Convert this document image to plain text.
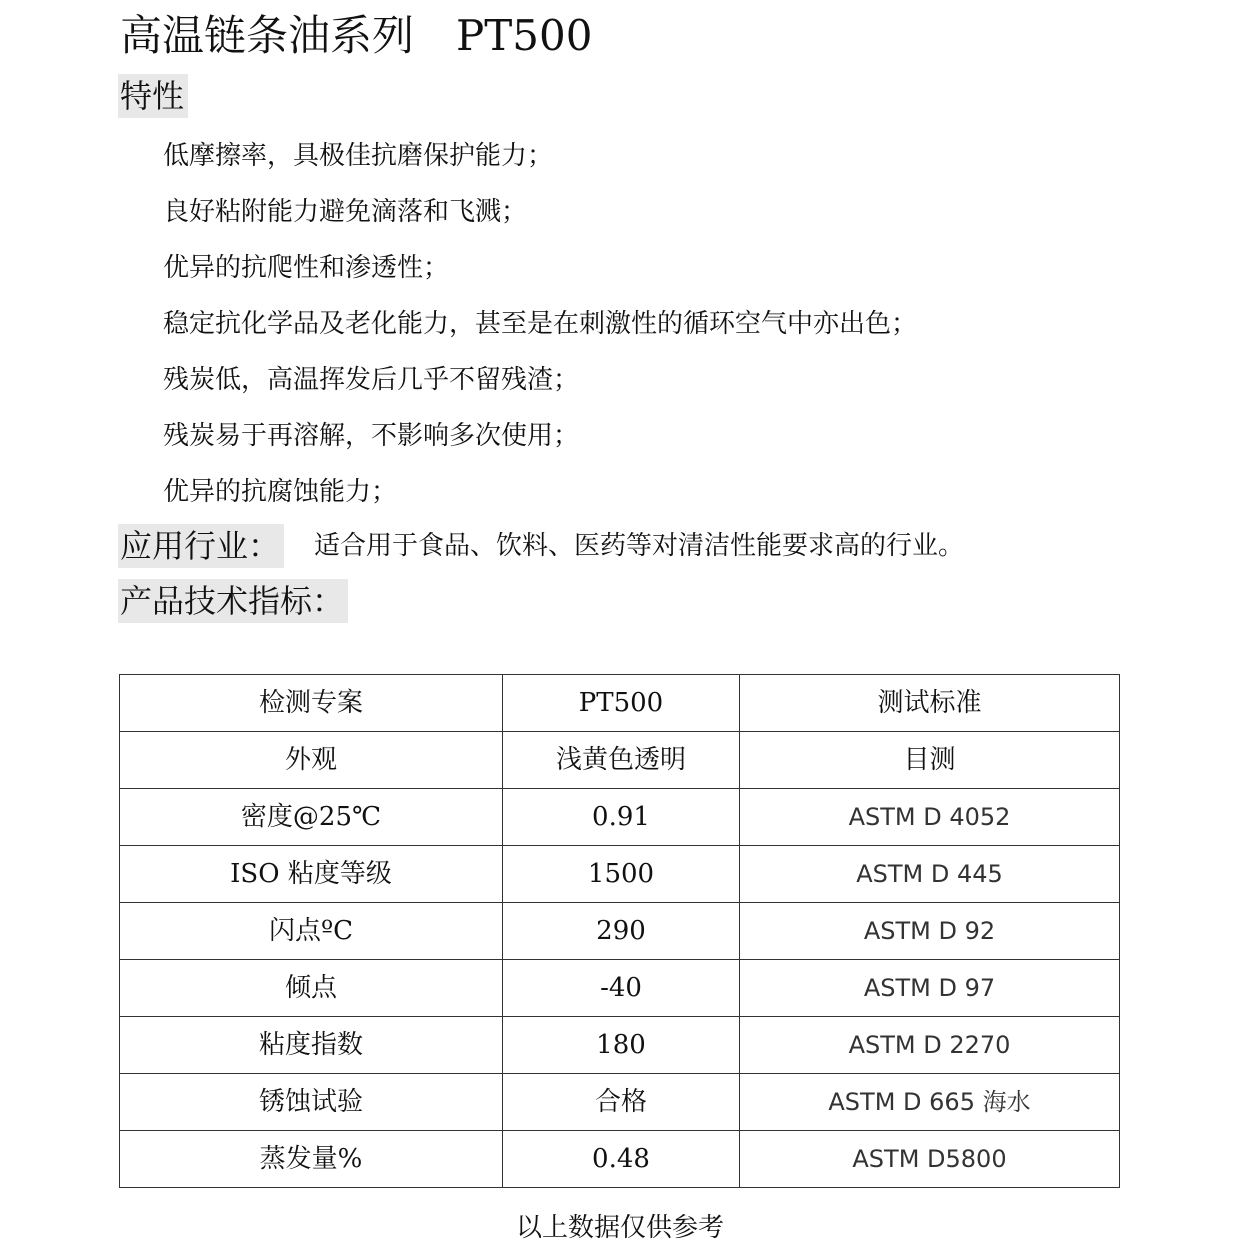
高温链条油系列 PT500
特性
低摩擦率，具极佳抗磨保护能力；
良好粘附能力避免滴落和飞溅；
优异的抗爬性和渗透性；
稳定抗化学品及老化能力，甚至是在刺激性的循环空气中亦出色；
残炭低，高温挥发后几乎不留残渣；
残炭易于再溶解，不影响多次使用；
优异的抗腐蚀能力；
应用行业： 适合用于食品、饮料、医药等对清洁性能要求高的行业。
产品技术指标：
检测专案	PT500	测试标准
外观	浅黄色透明	目测
密度@25℃	0.91	ASTM D 4052
ISO 粘度等级	1500	ASTM D 445
闪点ºC	290	ASTM D 92
倾点	-40	ASTM D 97
粘度指数	180	ASTM D 2270
锈蚀试验	合格	ASTM D 665 海水
蒸发量%	0.48	ASTM D5800
以上数据仅供参考
